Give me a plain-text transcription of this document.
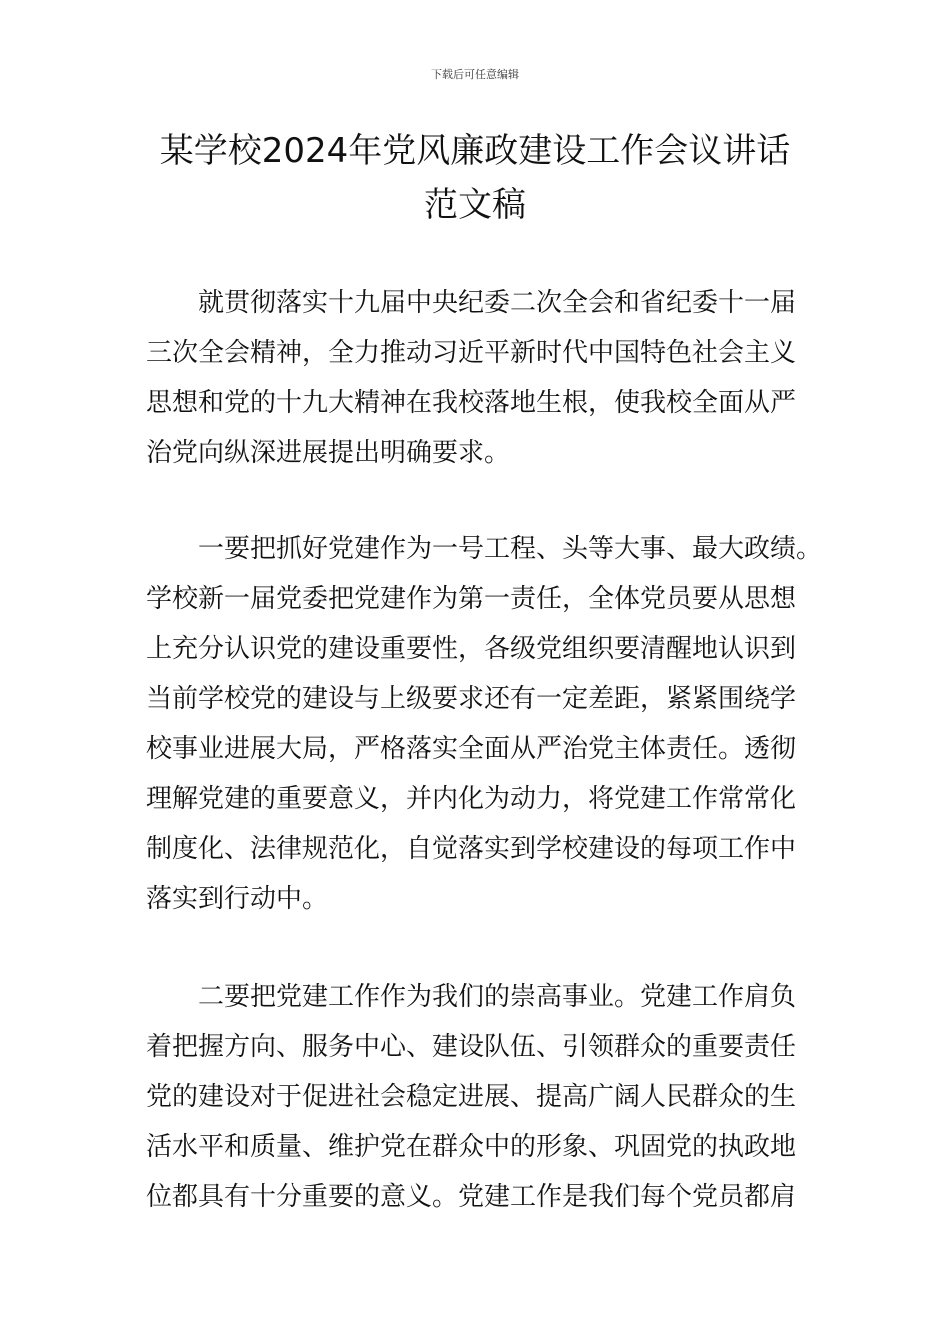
下载后可任意编辑
某学校2024年党风廉政建设工作会议讲话
范文稿
就贯彻落实十九届中央纪委二次全会和省纪委十一届
三次全会精神，全力推动习近平新时代中国特色社会主义
思想和党的十九大精神在我校落地生根，使我校全面从严
治党向纵深进展提出明确要求。
一要把抓好党建作为一号工程、头等大事、最大政绩。
学校新一届党委把党建作为第一责任，全体党员要从思想
上充分认识党的建设重要性，各级党组织要清醒地认识到
当前学校党的建设与上级要求还有一定差距，紧紧围绕学
校事业进展大局，严格落实全面从严治党主体责任。透彻
理解党建的重要意义，并内化为动力，将党建工作常常化
制度化、法律规范化，自觉落实到学校建设的每项工作中
落实到行动中。
二要把党建工作作为我们的崇高事业。党建工作肩负
着把握方向、服务中心、建设队伍、引领群众的重要责任
党的建设对于促进社会稳定进展、提高广阔人民群众的生
活水平和质量、维护党在群众中的形象、巩固党的执政地
位都具有十分重要的意义。党建工作是我们每个党员都肩
